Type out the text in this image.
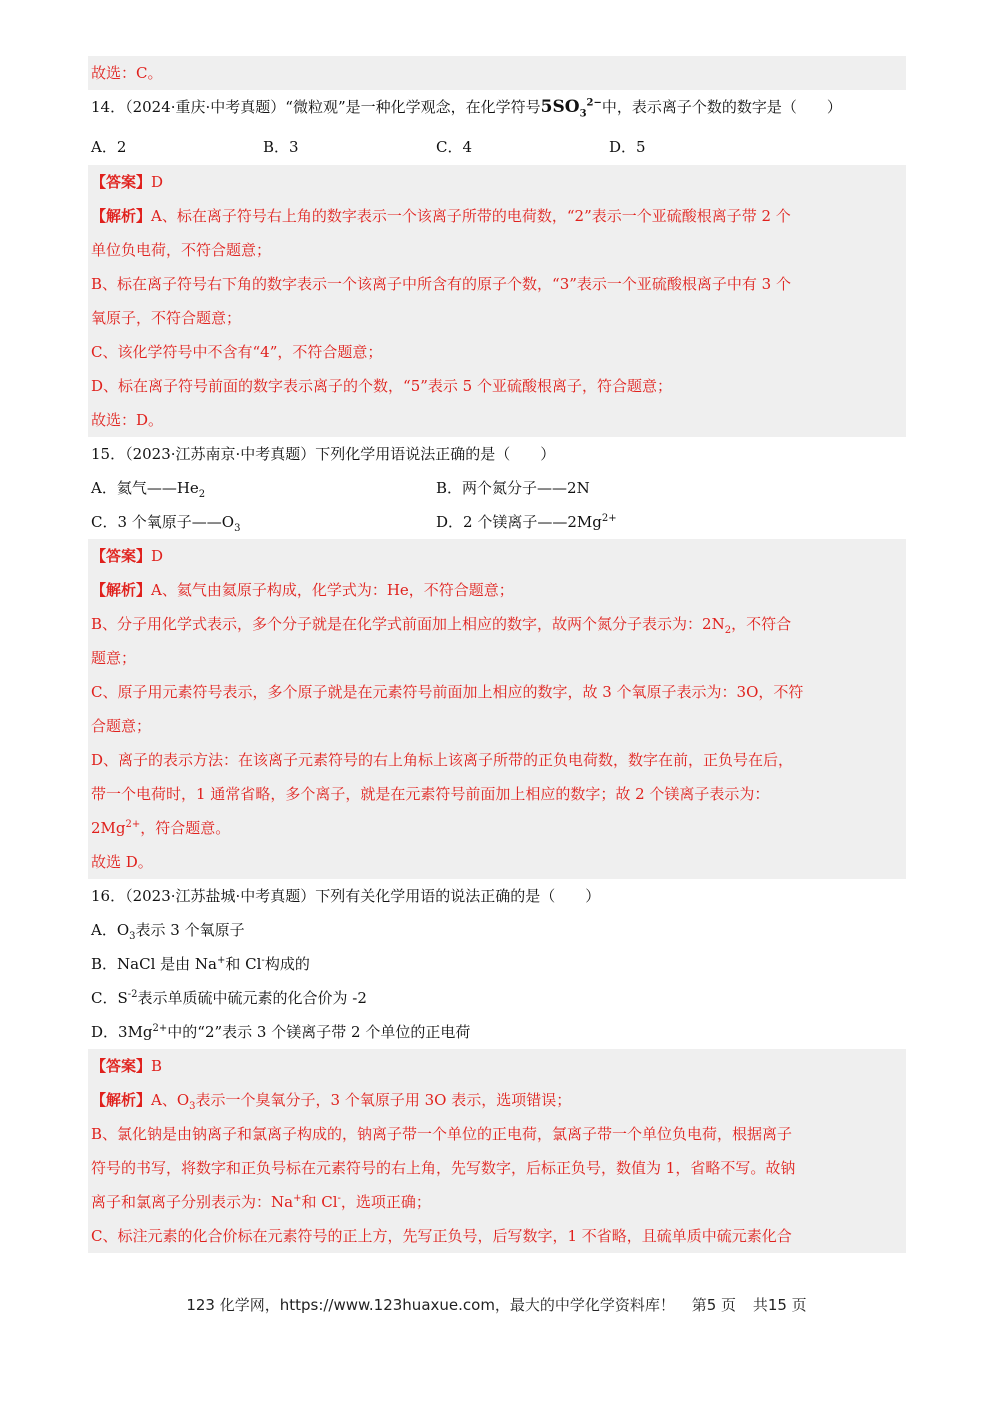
故选：C。
14．（2024·重庆·中考真题）“微粒观”是一种化学观念，在化学符号$5SO_3^{2-}$中，表示离子个数的数字是（　　）
A．2	B．3	C．4	D．5
【答案】D
【解析】A、标在离子符号右上角的数字表示一个该离子所带的电荷数，“2”表示一个亚硫酸根离子带 2 个
单位负电荷，不符合题意；
B、标在离子符号右下角的数字表示一个该离子中所含有的原子个数，“3”表示一个亚硫酸根离子中有 3 个
氧原子，不符合题意；
C、该化学符号中不含有“4”，不符合题意；
D、标在离子符号前面的数字表示离子的个数，“5”表示 5 个亚硫酸根离子，符合题意；
故选：D。
15．（2023·江苏南京·中考真题）下列化学用语说法正确的是（　　）
A．氦气$——He_2$	B．两个氮分子——2N
C．3 个氧原子$——O_3$	D．2 个镁离子$——2Mg^{2+}$
【答案】D
【解析】A、氦气由氦原子构成，化学式为：He，不符合题意；
B、分子用化学式表示，多个分子就是在化学式前面加上相应的数字，故两个氮分子表示为：$2N_2$，不符合
题意；
C、原子用元素符号表示，多个原子就是在元素符号前面加上相应的数字，故 3 个氧原子表示为：3O，不符
合题意；
D、离子的表示方法：在该离子元素符号的右上角标上该离子所带的正负电荷数，数字在前，正负号在后，
带一个电荷时，1 通常省略，多个离子，就是在元素符号前面加上相应的数字；故 2 个镁离子表示为：
$2Mg^{2+}$，符合题意。
故选 D。
16．（2023·江苏盐城·中考真题）下列有关化学用语的说法正确的是（　　）
A．$O_3$表示 3 个氧原子
B．NaCl 是由 Na+和 Cl-构成的
C．$S^{-2}$表示单质硫中硫元素的化合价为 -2
D．$3Mg^{2+}$中的“2”表示 3 个镁离子带 2 个单位的正电荷
【答案】B
【解析】A、$O_3$表示一个臭氧分子，3 个氧原子用 3O 表示，选项错误；
B、氯化钠是由钠离子和氯离子构成的，钠离子带一个单位的正电荷，氯离子带一个单位负电荷，根据离子
符号的书写，将数字和正负号标在元素符号的右上角，先写数字，后标正负号，数值为 1，省略不写。故钠
离子和氯离子分别表示为：Na+和 Cl-，选项正确；
C、标注元素的化合价标在元素符号的正上方，先写正负号，后写数字，1 不省略，且硫单质中硫元素化合
123 化学网，https://www.123huaxue.com，最大的中学化学资料库！ 第5 页 共15 页
